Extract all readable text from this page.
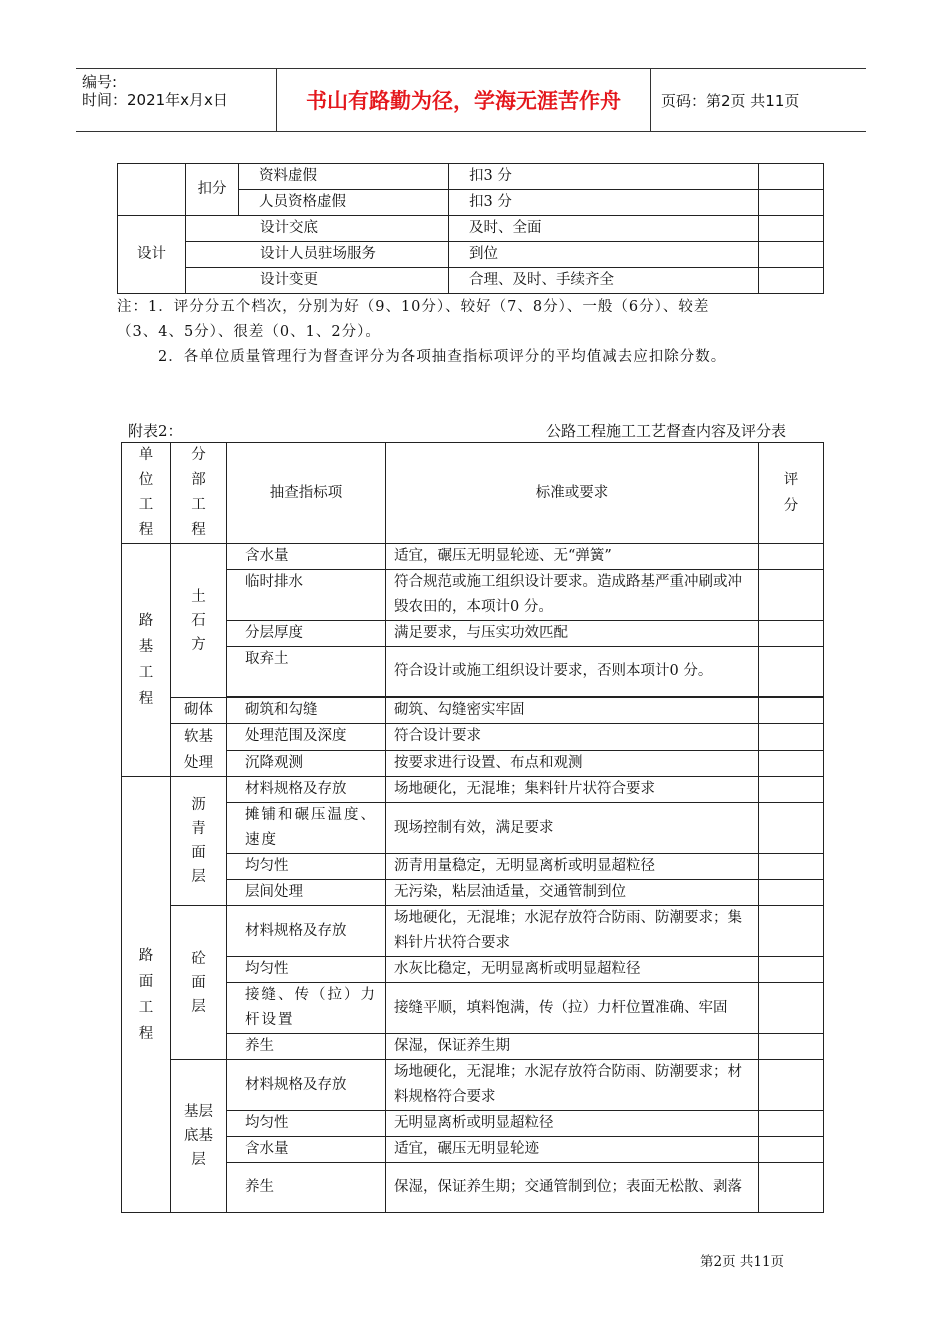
编号:
时间：2021年x月x日	书山有路勤为径，学海无涯苦作舟	页码：第2页 共11页
	扣分	资料虚假	扣3 分	
		人员资格虚假	扣3 分	
设计	设计交底		及时、全面	
	设计人员驻场服务		到位	
	设计变更		合理、及时、手续齐全	
注：1．评分分五个档次，分别为好（9、10分）、较好（7、8分）、一般（6分）、较差
（3、4、5分）、很差（0、1、2分）。
2．各单位质量管理行为督查评分为各项抽查指标项评分的平均值减去应扣除分数。
附表2：	公路工程施工工艺督查内容及评分表
单
位
工
程	分
部
工
程	抽查指标项	标准或要求	评
分
路
基
工
程	土
石
方	含水量	适宜，碾压无明显轮迹、无“弹簧”	
		临时排水	符合规范或施工组织设计要求。造成路基严重冲刷或冲毁农田的，本项计0 分。	
		分层厚度	满足要求，与压实功效匹配	
		取弃土	符合设计或施工组织设计要求，否则本项计0 分。	

	砌体	砌筑和勾缝	砌筑、勾缝密实牢固	
	软基
处理	处理范围及深度	符合设计要求	
		沉降观测	按要求进行设置、布点和观测	
路
面
工
程	沥
青
面
层	材料规格及存放	场地硬化，无混堆；集料针片状符合要求	
		摊铺和碾压温度、速度	现场控制有效，满足要求	
		均匀性	沥青用量稳定，无明显离析或明显超粒径	
		层间处理	无污染，粘层油适量，交通管制到位	
	砼
面
层	材料规格及存放	场地硬化，无混堆；水泥存放符合防雨、防潮要求；集料针片状符合要求	
		均匀性	水灰比稳定，无明显离析或明显超粒径	
		接缝、传（拉）力杆设置	接缝平顺，填料饱满，传（拉）力杆位置准确、牢固	
		养生	保湿，保证养生期	
	基层
底基
层	材料规格及存放	场地硬化，无混堆；水泥存放符合防雨、防潮要求；材料规格符合要求	
		均匀性	无明显离析或明显超粒径	
		含水量	适宜，碾压无明显轮迹	
		养生	保湿，保证养生期；交通管制到位；表面无松散、剥落	
第2页 共11页
